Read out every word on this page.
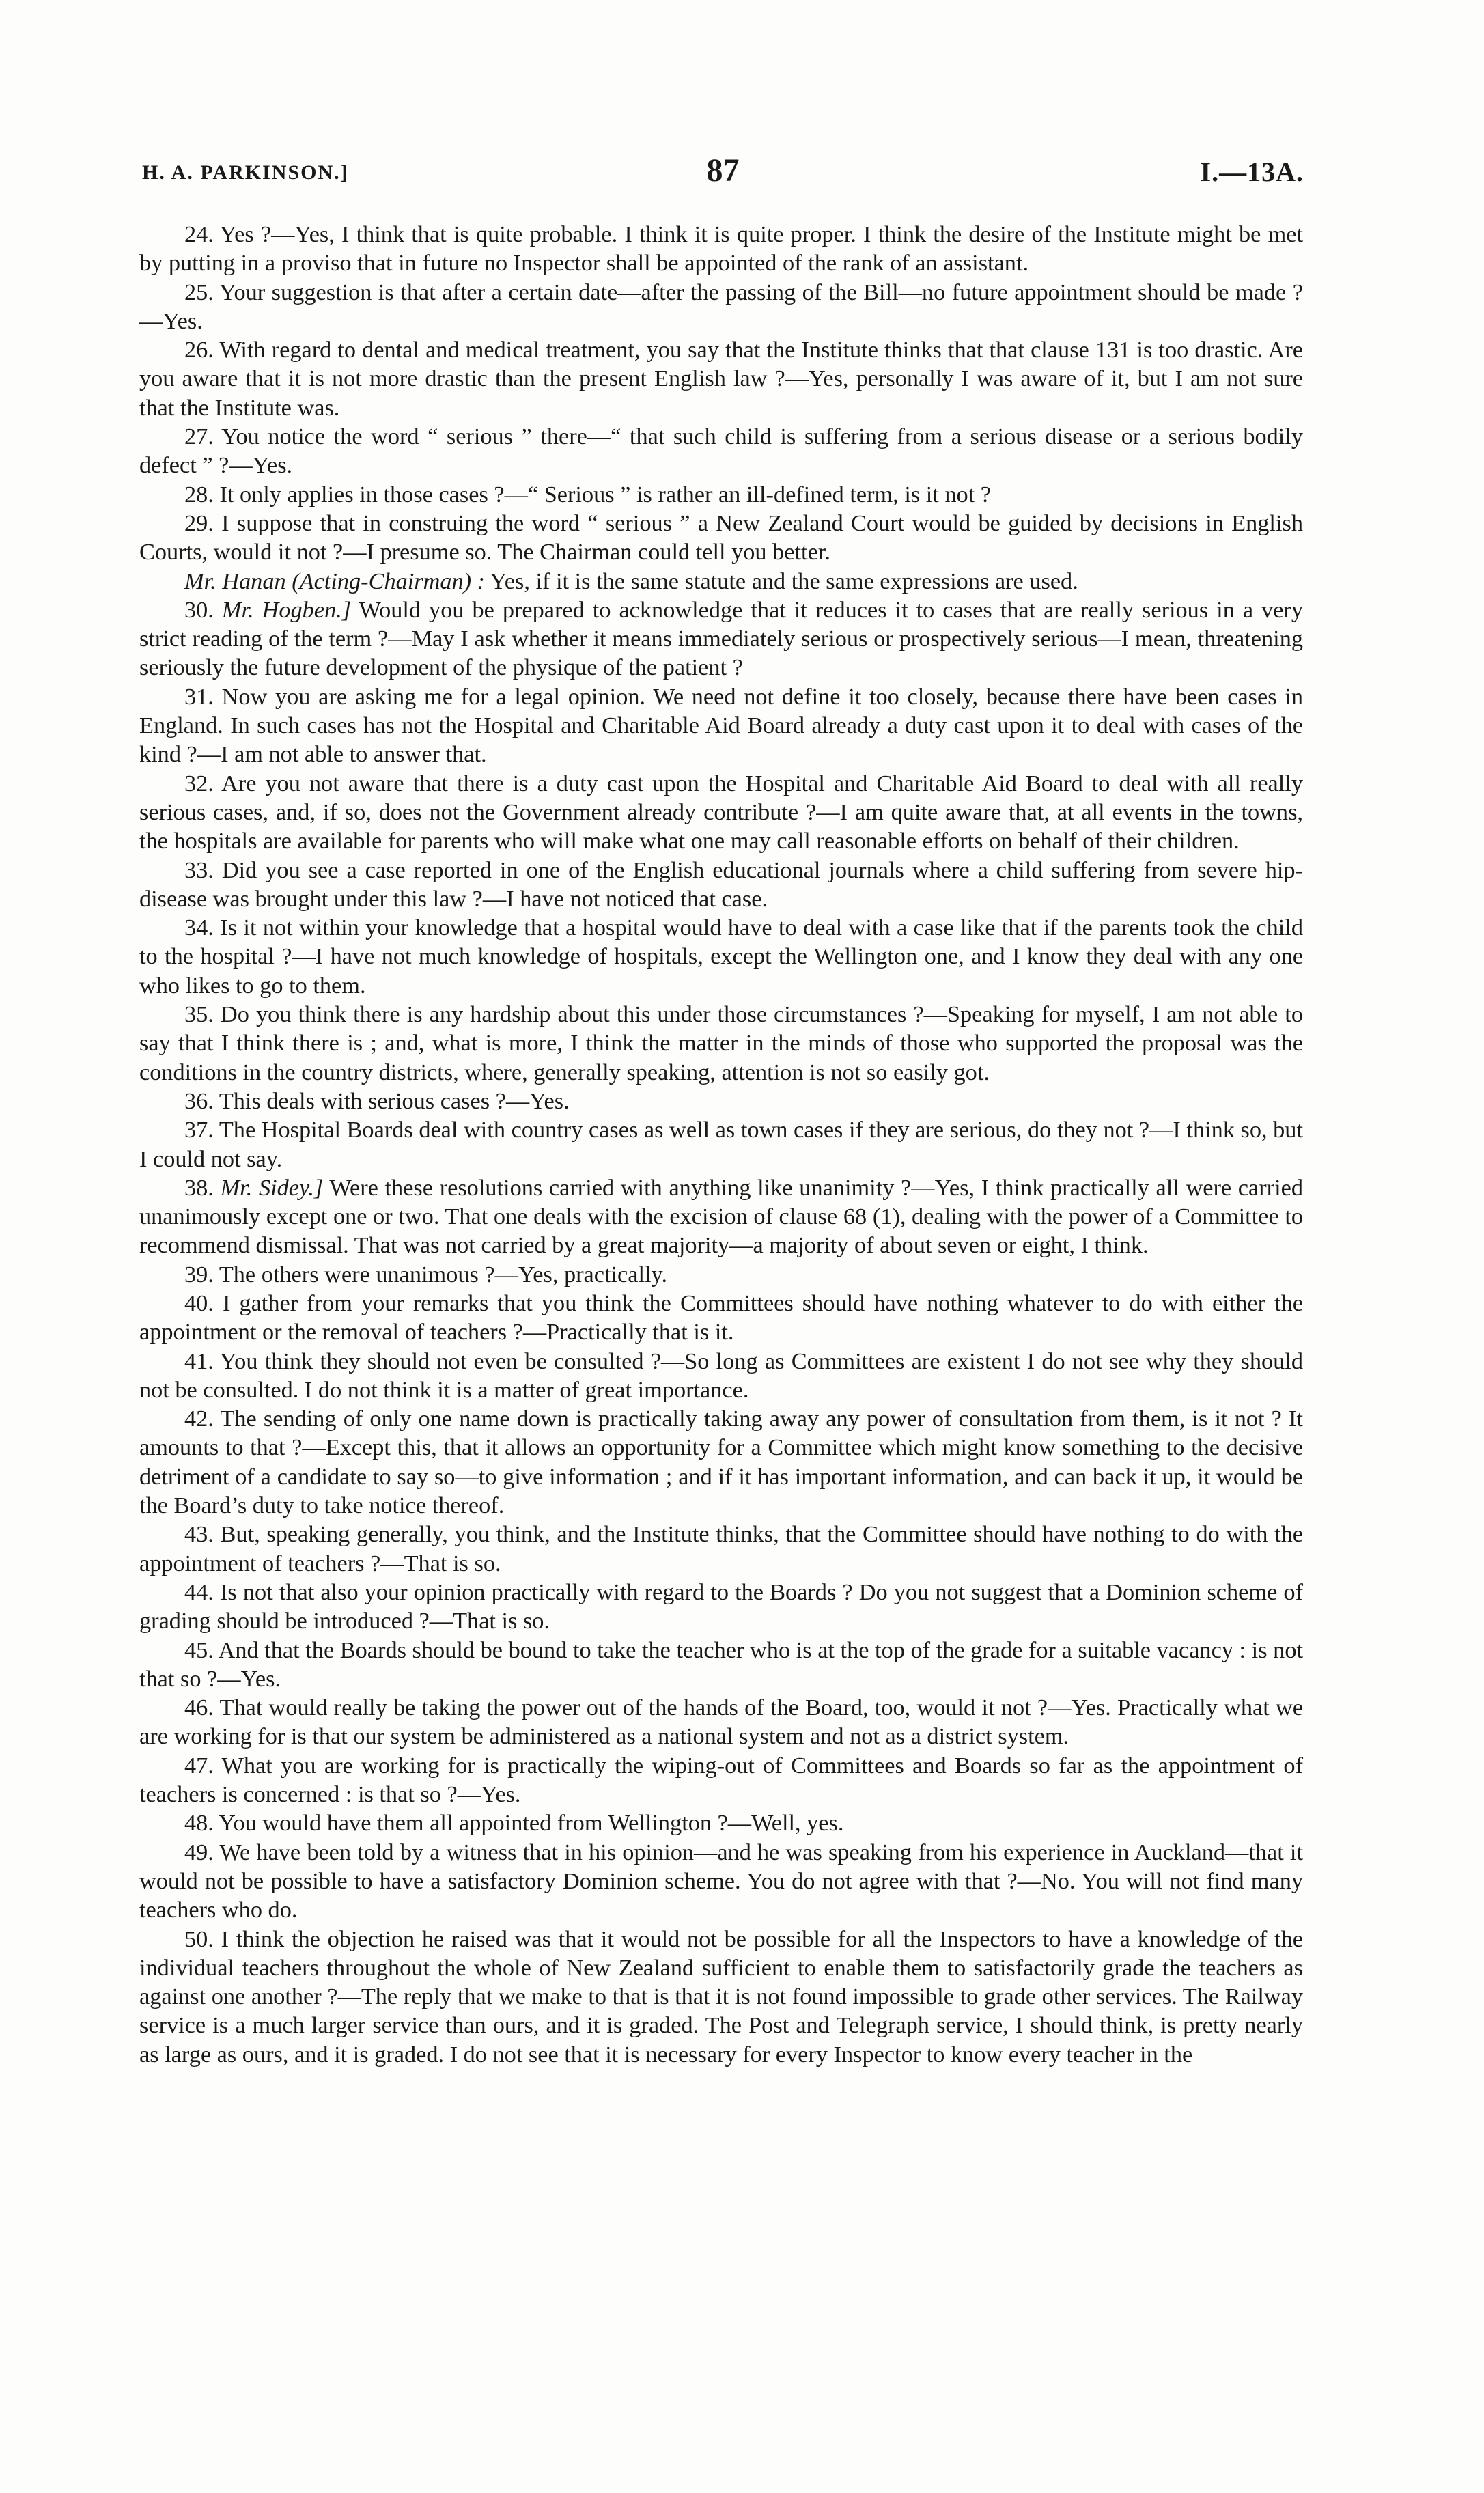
H. A. PARKINSON.]	87	I.—13A.

24. Yes ?—Yes, I think that is quite probable. I think it is quite proper. I think the desire of the Institute might be met by putting in a proviso that in future no Inspector shall be appointed of the rank of an assistant.

25. Your suggestion is that after a certain date—after the passing of the Bill—no future appointment should be made ?—Yes.

26. With regard to dental and medical treatment, you say that the Institute thinks that that clause 131 is too drastic. Are you aware that it is not more drastic than the present English law ?—Yes, personally I was aware of it, but I am not sure that the Institute was.

27. You notice the word “ serious ” there—“ that such child is suffering from a serious disease or a serious bodily defect ” ?—Yes.

28. It only applies in those cases ?—“ Serious ” is rather an ill-defined term, is it not ?

29. I suppose that in construing the word “ serious ” a New Zealand Court would be guided by decisions in English Courts, would it not ?—I presume so. The Chairman could tell you better.

Mr. Hanan (Acting-Chairman) : Yes, if it is the same statute and the same expressions are used.

30. Mr. Hogben.] Would you be prepared to acknowledge that it reduces it to cases that are really serious in a very strict reading of the term ?—May I ask whether it means immediately serious or prospectively serious—I mean, threatening seriously the future development of the physique of the patient ?

31. Now you are asking me for a legal opinion. We need not define it too closely, because there have been cases in England. In such cases has not the Hospital and Charitable Aid Board already a duty cast upon it to deal with cases of the kind ?—I am not able to answer that.

32. Are you not aware that there is a duty cast upon the Hospital and Charitable Aid Board to deal with all really serious cases, and, if so, does not the Government already contribute ?—I am quite aware that, at all events in the towns, the hospitals are available for parents who will make what one may call reasonable efforts on behalf of their children.

33. Did you see a case reported in one of the English educational journals where a child suffering from severe hip-disease was brought under this law ?—I have not noticed that case.

34. Is it not within your knowledge that a hospital would have to deal with a case like that if the parents took the child to the hospital ?—I have not much knowledge of hospitals, except the Wellington one, and I know they deal with any one who likes to go to them.

35. Do you think there is any hardship about this under those circumstances ?—Speaking for myself, I am not able to say that I think there is ; and, what is more, I think the matter in the minds of those who supported the proposal was the conditions in the country districts, where, generally speaking, attention is not so easily got.

36. This deals with serious cases ?—Yes.

37. The Hospital Boards deal with country cases as well as town cases if they are serious, do they not ?—I think so, but I could not say.

38. Mr. Sidey.] Were these resolutions carried with anything like unanimity ?—Yes, I think practically all were carried unanimously except one or two. That one deals with the excision of clause 68 (1), dealing with the power of a Committee to recommend dismissal. That was not carried by a great majority—a majority of about seven or eight, I think.

39. The others were unanimous ?—Yes, practically.

40. I gather from your remarks that you think the Committees should have nothing whatever to do with either the appointment or the removal of teachers ?—Practically that is it.

41. You think they should not even be consulted ?—So long as Committees are existent I do not see why they should not be consulted. I do not think it is a matter of great importance.

42. The sending of only one name down is practically taking away any power of consultation from them, is it not ? It amounts to that ?—Except this, that it allows an opportunity for a Committee which might know something to the decisive detriment of a candidate to say so—to give information ; and if it has important information, and can back it up, it would be the Board’s duty to take notice thereof.

43. But, speaking generally, you think, and the Institute thinks, that the Committee should have nothing to do with the appointment of teachers ?—That is so.

44. Is not that also your opinion practically with regard to the Boards ? Do you not suggest that a Dominion scheme of grading should be introduced ?—That is so.

45. And that the Boards should be bound to take the teacher who is at the top of the grade for a suitable vacancy : is not that so ?—Yes.

46. That would really be taking the power out of the hands of the Board, too, would it not ?—Yes. Practically what we are working for is that our system be administered as a national system and not as a district system.

47. What you are working for is practically the wiping-out of Committees and Boards so far as the appointment of teachers is concerned : is that so ?—Yes.

48. You would have them all appointed from Wellington ?—Well, yes.

49. We have been told by a witness that in his opinion—and he was speaking from his experience in Auckland—that it would not be possible to have a satisfactory Dominion scheme. You do not agree with that ?—No. You will not find many teachers who do.

50. I think the objection he raised was that it would not be possible for all the Inspectors to have a knowledge of the individual teachers throughout the whole of New Zealand sufficient to enable them to satisfactorily grade the teachers as against one another ?—The reply that we make to that is that it is not found impossible to grade other services. The Railway service is a much larger service than ours, and it is graded. The Post and Telegraph service, I should think, is pretty nearly as large as ours, and it is graded. I do not see that it is necessary for every Inspector to know every teacher in the
